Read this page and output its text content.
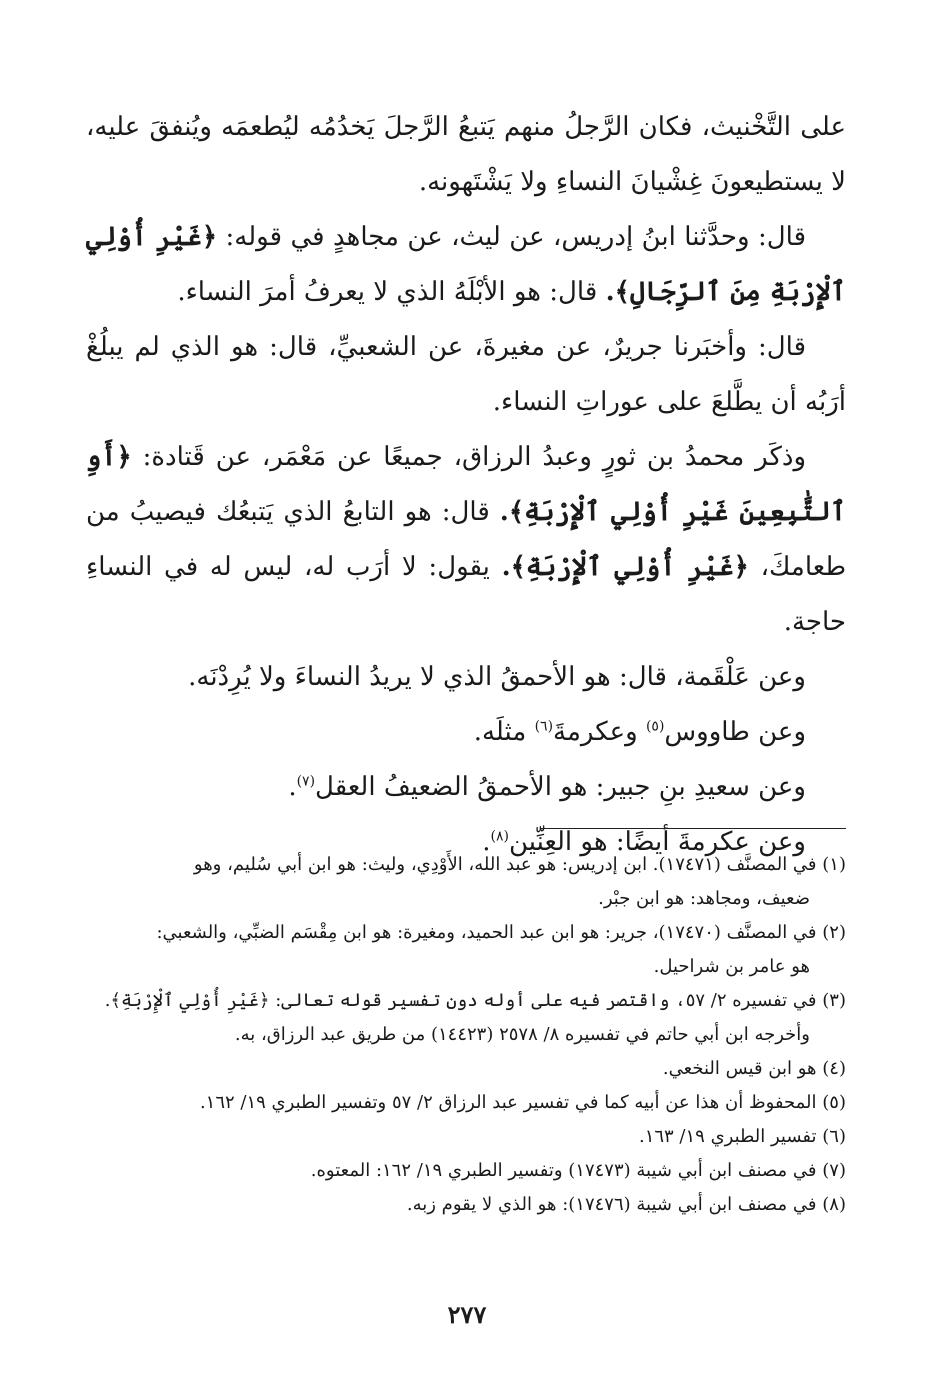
على التَّخْنيث، فكان الرَّجلُ منهم يَتبعُ الرَّجلَ يَخدُمُه ليُطعمَه ويُنفقَ عليه، لا يستطيعونَ غِشْيانَ النساءِ ولا يَشْتَهونه.

قال: وحدَّثنا ابنُ إدريس، عن ليث، عن مجاهدٍ في قوله: ﴿غَيْرِ أُوْلِي ٱلْإِرْبَةِ مِنَ ٱلرِّجَالِ﴾. قال: هو الأبْلَهُ الذي لا يعرفُ أمرَ النساء.

قال: وأخبَرنا جريرٌ، عن مغيرةَ، عن الشعبيِّ، قال: هو الذي لم يبلُغْ أرَبُه أن يطَّلعَ على عوراتِ النساء.

وذكَر محمدُ بن ثورٍ وعبدُ الرزاق، جميعًا عن مَعْمَر، عن قَتادة: ﴿أَوِ ٱلتَّٰبِعِينَ غَيْرِ أُوْلِي ٱلْإِرْبَةِ﴾. قال: هو التابعُ الذي يَتبعُك فيصيبُ من طعامكَ، ﴿غَيْرِ أُوْلِي ٱلْإِرْبَةِ﴾. يقول: لا أرَب له، ليس له في النساءِ حاجة.

وعن عَلْقَمة، قال: هو الأحمقُ الذي لا يريدُ النساءَ ولا يُرِدْنَه.

وعن طاووس$^{(٥)}$ وعكرمةَ$^{(٦)}$ مثلَه.

وعن سعيدِ بنِ جبير: هو الأحمقُ الضعيفُ العقل$^{(٧)}$.

وعن عكرمةَ أيضًا: هو العِنِّين$^{(٨)}$.

(١) في المصنَّف (١٧٤٧١). ابن إدريس: هو عبد الله، الأَوْدِي، وليث: هو ابن أبي سُليم، وهو
ضعيف، ومجاهد: هو ابن جبْر.

(٢) في المصنَّف (١٧٤٧٠)، جرير: هو ابن عبد الحميد، ومغيرة: هو ابن مِقْسَم الضبِّي، والشعبي:
هو عامر بن شراحيل.

(٣) في تفسيره ٢/ ٥٧، واقتصر فيه على أوله دون تفسير قوله تعالى: ﴿غَيْرِ أُوْلِي ٱلْإِرْبَةِ﴾.
وأخرجه ابن أبي حاتم في تفسيره ٨/ ٢٥٧٨ (١٤٤٢٣) من طريق عبد الرزاق، به.

(٤) هو ابن قيس النخعي.

(٥) المحفوظ أن هذا عن أبيه كما في تفسير عبد الرزاق ٢/ ٥٧ وتفسير الطبري ١٩/ ١٦٢.

(٦) تفسير الطبري ١٩/ ١٦٣.

(٧) في مصنف ابن أبي شيبة (١٧٤٧٣) وتفسير الطبري ١٩/ ١٦٢: المعتوه.

(٨) في مصنف ابن أبي شيبة (١٧٤٧٦): هو الذي لا يقوم زبه.

٢٧٧
